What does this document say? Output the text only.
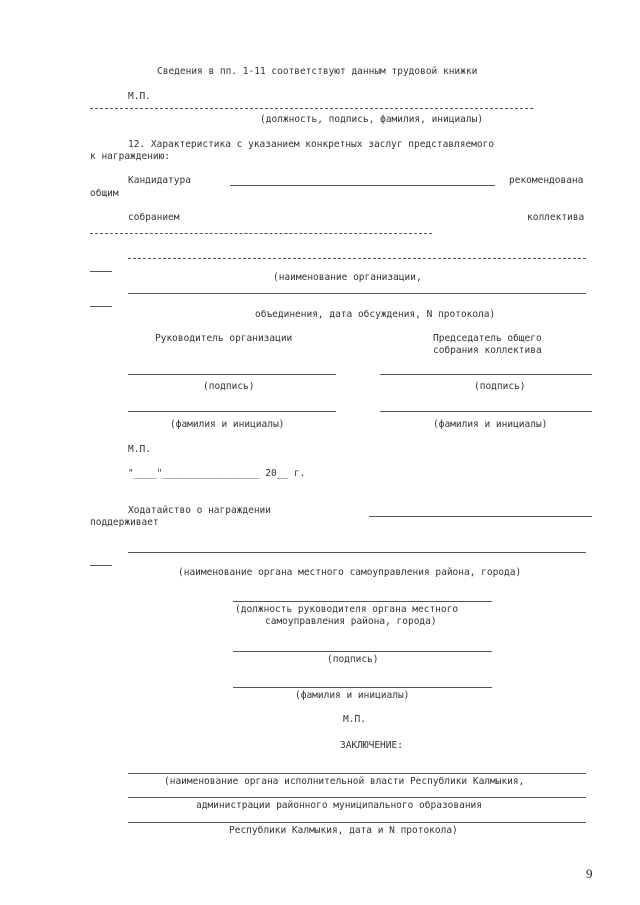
Сведения в пп. 1-11 соответствуют данным трудовой книжки
М.П.
(должность, подпись, фамилия, инициалы)
12. Характеристика с указанием конкретных заслуг представляемого
к награждению:
Кандидатура	рекомендована
общим
собранием	коллектива
(наименование организации,
объединения, дата обсуждения, N протокола)
Руководитель организации	Председатель общего
собрания коллектива
(подпись)	(подпись)
(фамилия и инициалы)	(фамилия и инициалы)
М.П.
"____"_________________ 20__ г.
Ходатайство о награждении
поддерживает
(наименование органа местного самоуправления района, города)
(должность руководителя органа местного
самоуправления района, города)
(подпись)
(фамилия и инициалы)
М.П.
ЗАКЛЮЧЕНИЕ:
(наименование органа исполнительной власти Республики Калмыкия,
администрации районного муниципального образования
Республики Калмыкия, дата и N протокола)
9
